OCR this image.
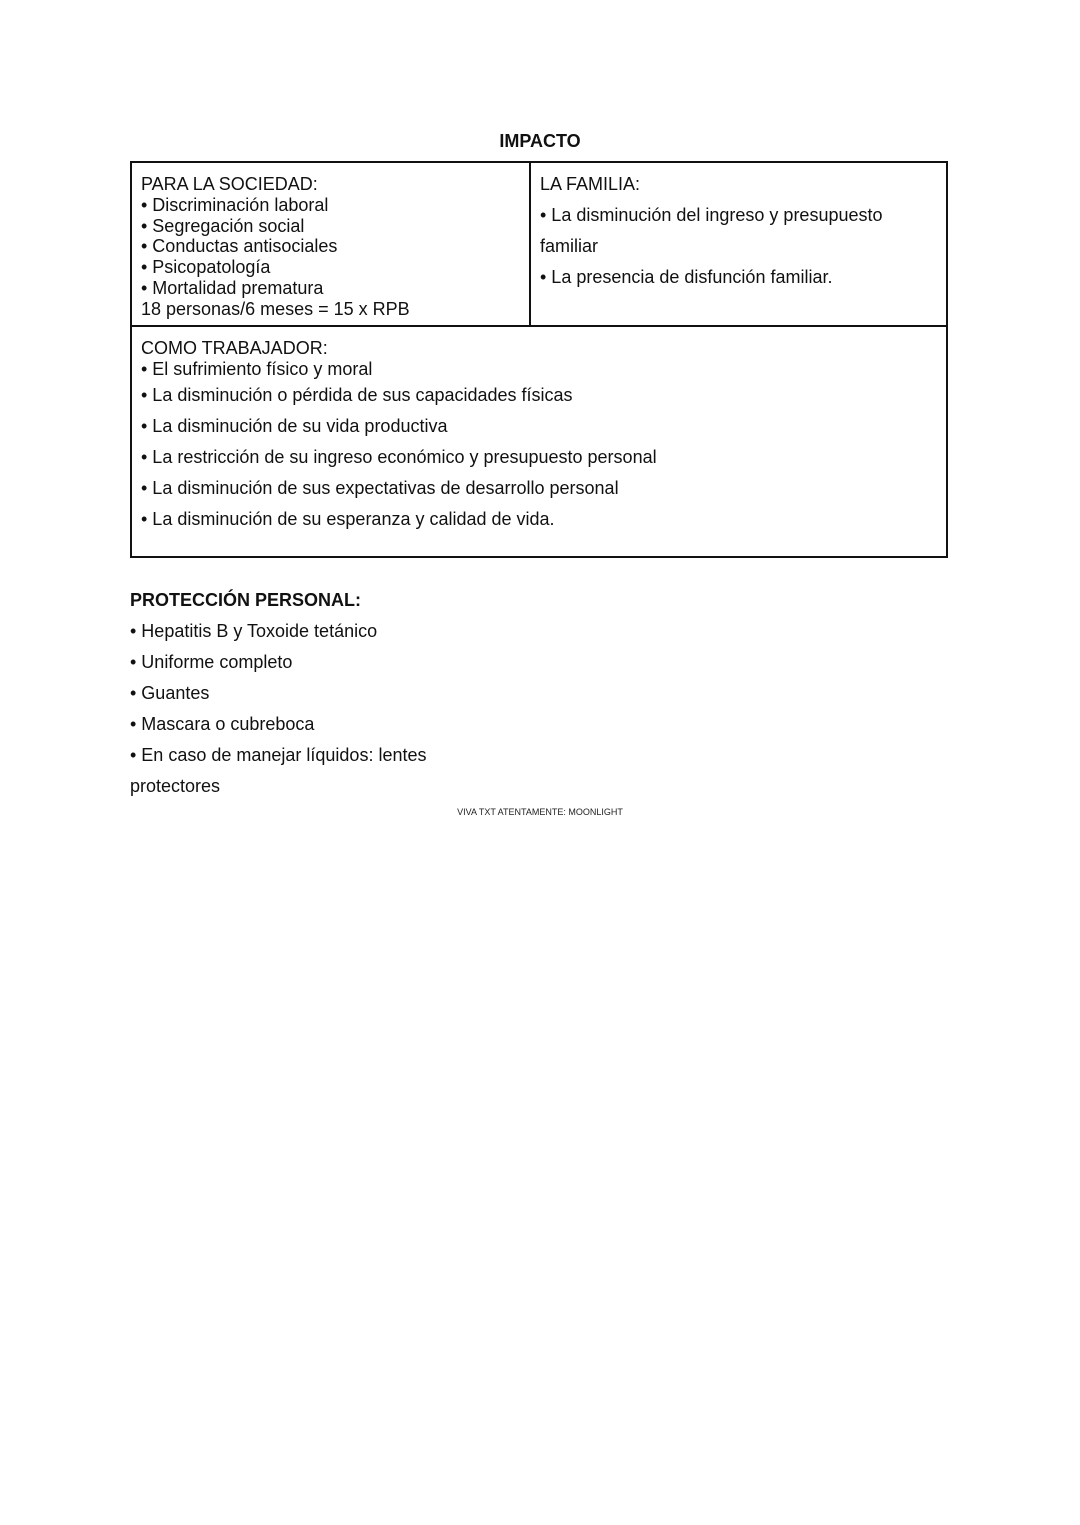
IMPACTO
PARA LA SOCIEDAD:
• Discriminación laboral
• Segregación social
• Conductas antisociales
• Psicopatología
• Mortalidad prematura
18 personas/6 meses = 15 x RPB
LA FAMILIA:
• La disminución del ingreso y presupuesto
familiar
• La presencia de disfunción familiar.
COMO TRABAJADOR:
• El sufrimiento físico y moral
• La disminución o pérdida de sus capacidades físicas
• La disminución de su vida productiva
• La restricción de su ingreso económico y presupuesto personal
• La disminución de sus expectativas de desarrollo personal
• La disminución de su esperanza y calidad de vida.
PROTECCIÓN PERSONAL:
• Hepatitis B y Toxoide tetánico
• Uniforme completo
• Guantes
• Mascara o cubreboca
• En caso de manejar líquidos: lentes
protectores
VIVA TXT ATENTAMENTE: MOONLIGHT
